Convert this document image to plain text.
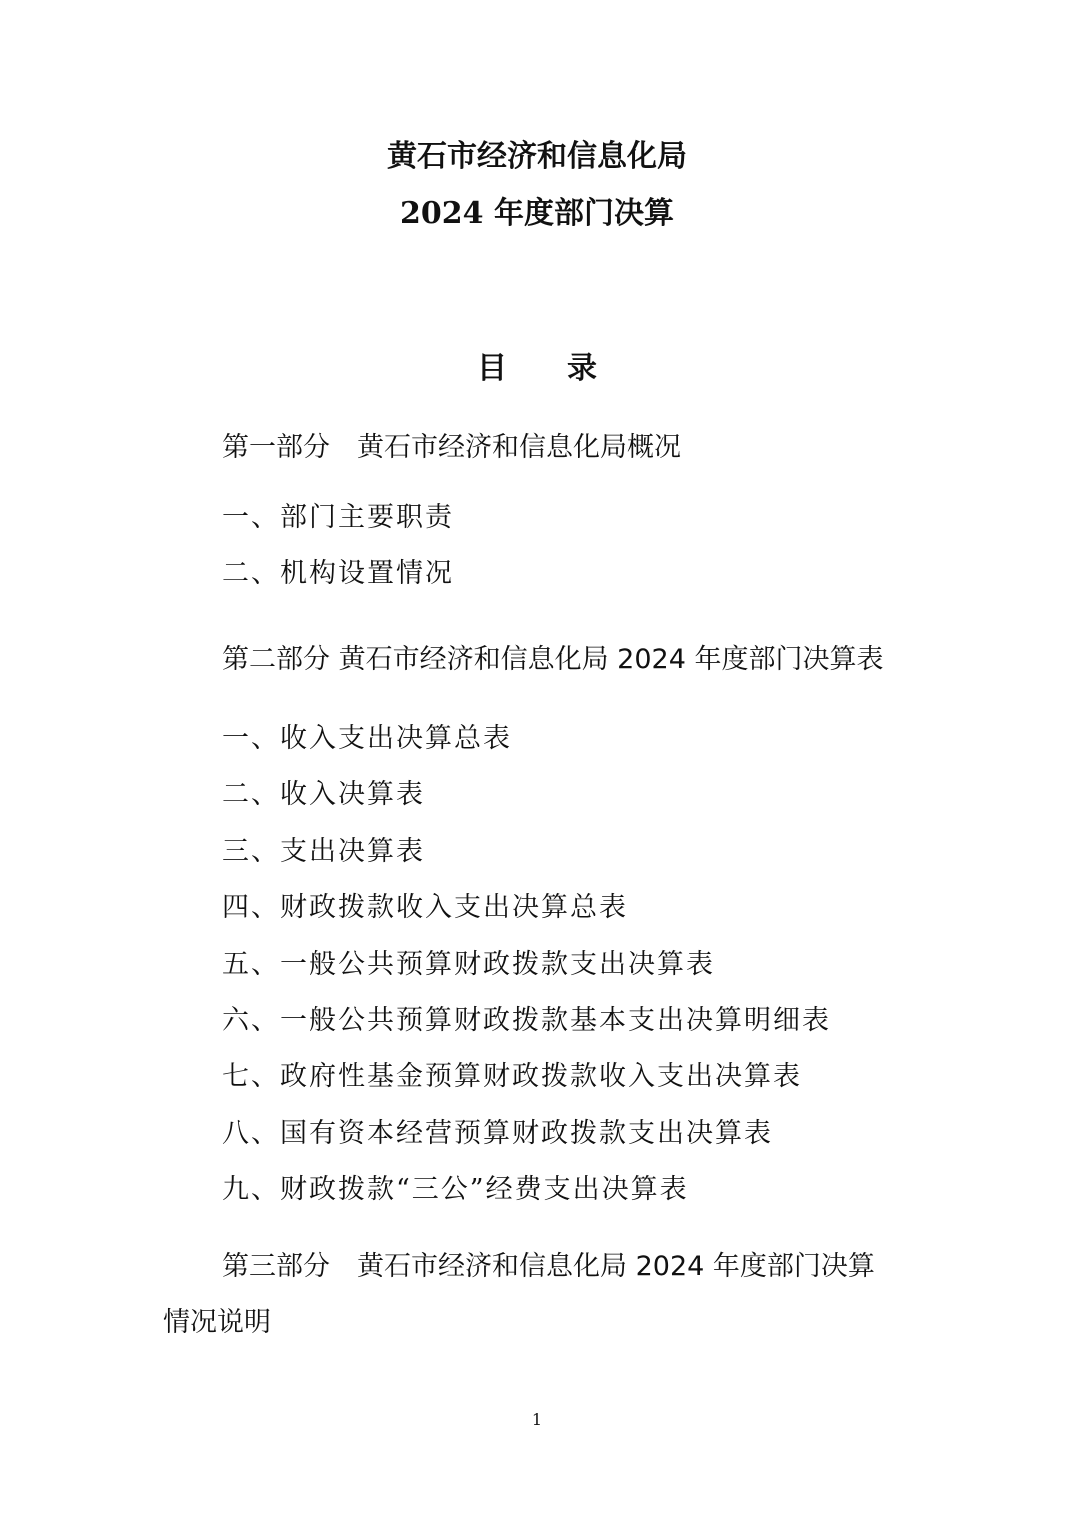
黄石市经济和信息化局
2024 年度部门决算
目录
第一部分　黄石市经济和信息化局概况
一、部门主要职责
二、机构设置情况
第二部分 黄石市经济和信息化局 2024 年度部门决算表
一、收入支出决算总表
二、收入决算表
三、支出决算表
四、财政拨款收入支出决算总表
五、一般公共预算财政拨款支出决算表
六、一般公共预算财政拨款基本支出决算明细表
七、政府性基金预算财政拨款收入支出决算表
八、国有资本经营预算财政拨款支出决算表
九、财政拨款“三公”经费支出决算表
第三部分　黄石市经济和信息化局 2024 年度部门决算
情况说明
1
